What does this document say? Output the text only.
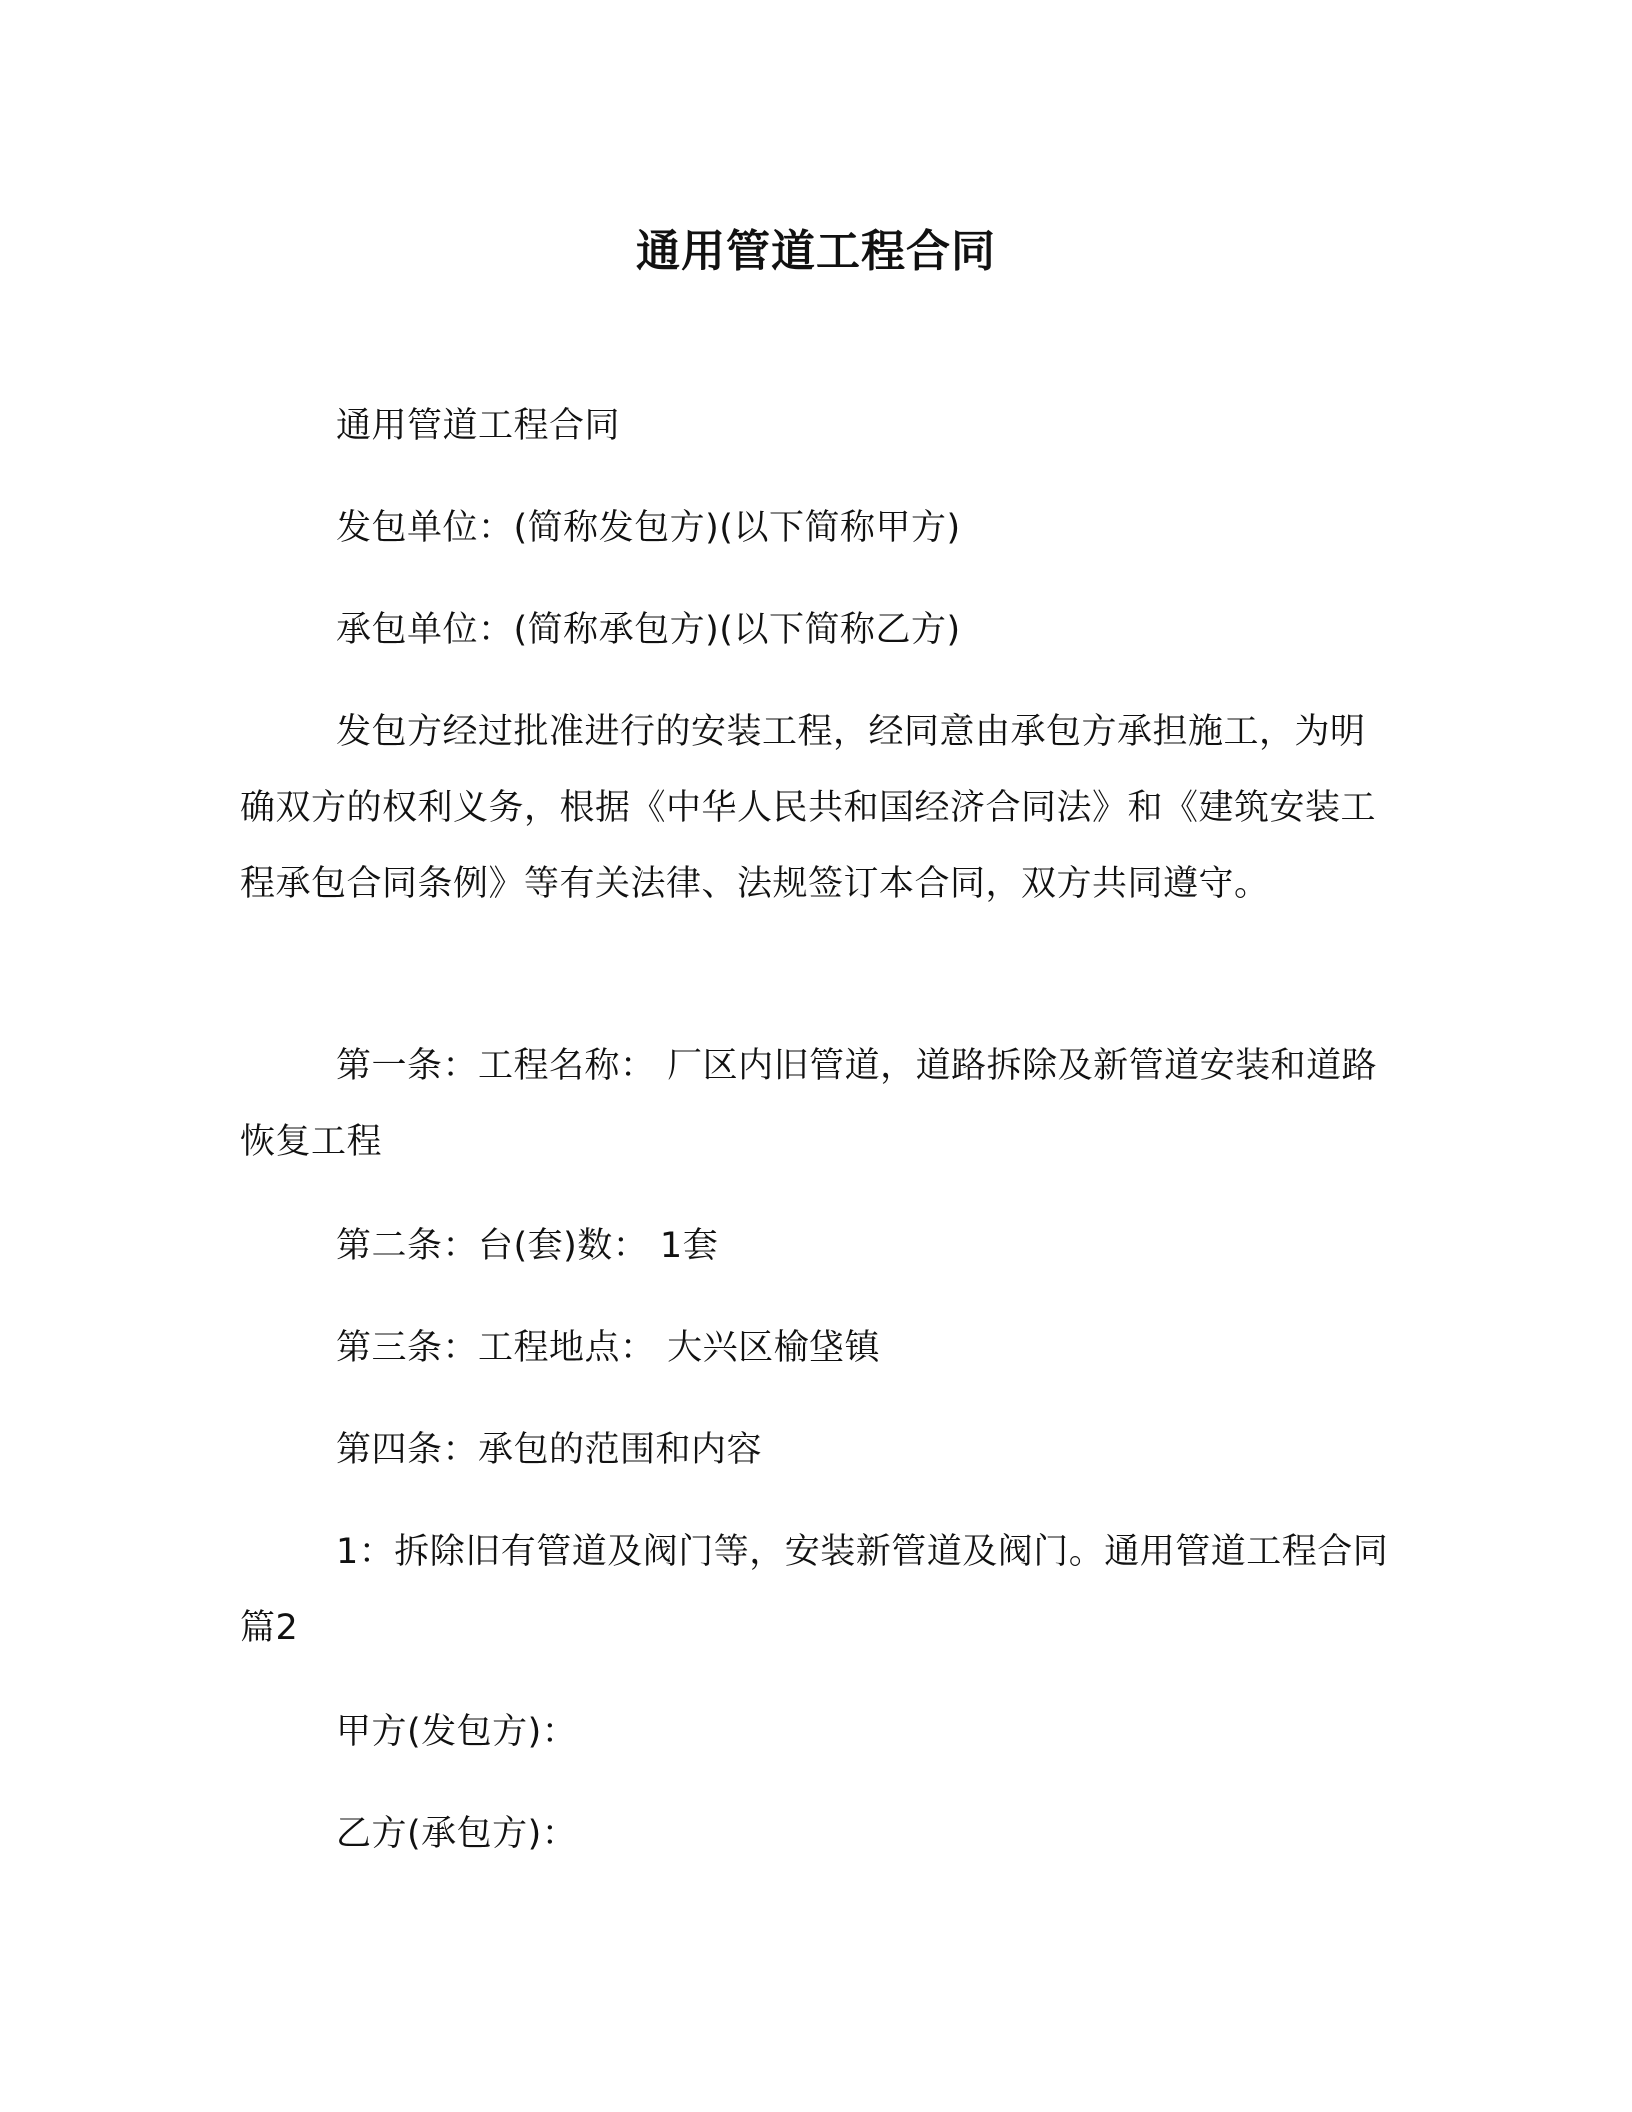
通用管道工程合同

通用管道工程合同

发包单位：(简称发包方)(以下简称甲方)

承包单位：(简称承包方)(以下简称乙方)

发包方经过批准进行的安装工程，经同意由承包方承担施工，为明确双方的权利义务，根据《中华人民共和国经济合同法》和《建筑安装工程承包合同条例》等有关法律、法规签订本合同，双方共同遵守。

第一条：工程名称： 厂区内旧管道，道路拆除及新管道安装和道路恢复工程

第二条：台(套)数： 1套

第三条：工程地点： 大兴区榆垡镇

第四条：承包的范围和内容

1：拆除旧有管道及阀门等，安装新管道及阀门。通用管道工程合同 篇2

甲方(发包方)：

乙方(承包方)：
